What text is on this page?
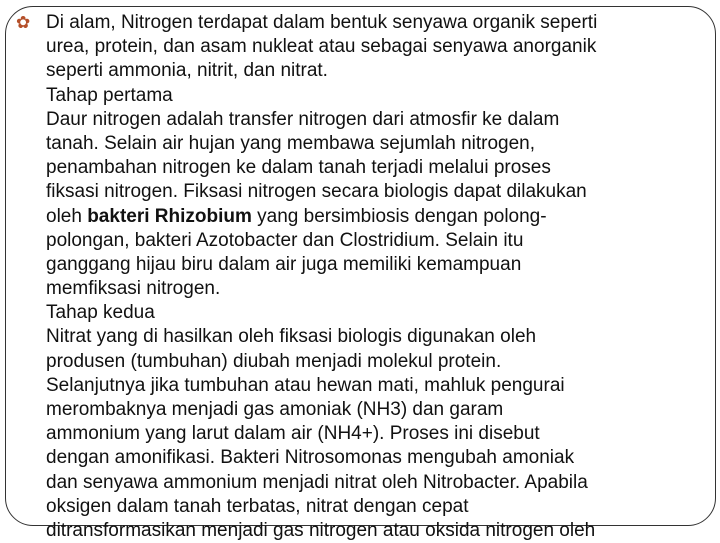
✿ Di alam, Nitrogen terdapat dalam bentuk senyawa organik seperti
urea, protein, dan asam nukleat atau sebagai senyawa anorganik
seperti ammonia, nitrit, dan nitrat.
Tahap pertama
Daur nitrogen adalah transfer nitrogen dari atmosfir ke dalam
tanah. Selain air hujan yang membawa sejumlah nitrogen,
penambahan nitrogen ke dalam tanah terjadi melalui proses
fiksasi nitrogen. Fiksasi nitrogen secara biologis dapat dilakukan
oleh bakteri Rhizobium yang bersimbiosis dengan polong-
polongan, bakteri Azotobacter dan Clostridium. Selain itu
ganggang hijau biru dalam air juga memiliki kemampuan
memfiksasi nitrogen.
Tahap kedua
Nitrat yang di hasilkan oleh fiksasi biologis digunakan oleh
produsen (tumbuhan) diubah menjadi molekul protein.
Selanjutnya jika tumbuhan atau hewan mati, mahluk pengurai
merombaknya menjadi gas amoniak (NH3) dan garam
ammonium yang larut dalam air (NH4+). Proses ini disebut
dengan amonifikasi. Bakteri Nitrosomonas mengubah amoniak
dan senyawa ammonium menjadi nitrat oleh Nitrobacter. Apabila
oksigen dalam tanah terbatas, nitrat dengan cepat
ditransformasikan menjadi gas nitrogen atau oksida nitrogen oleh
